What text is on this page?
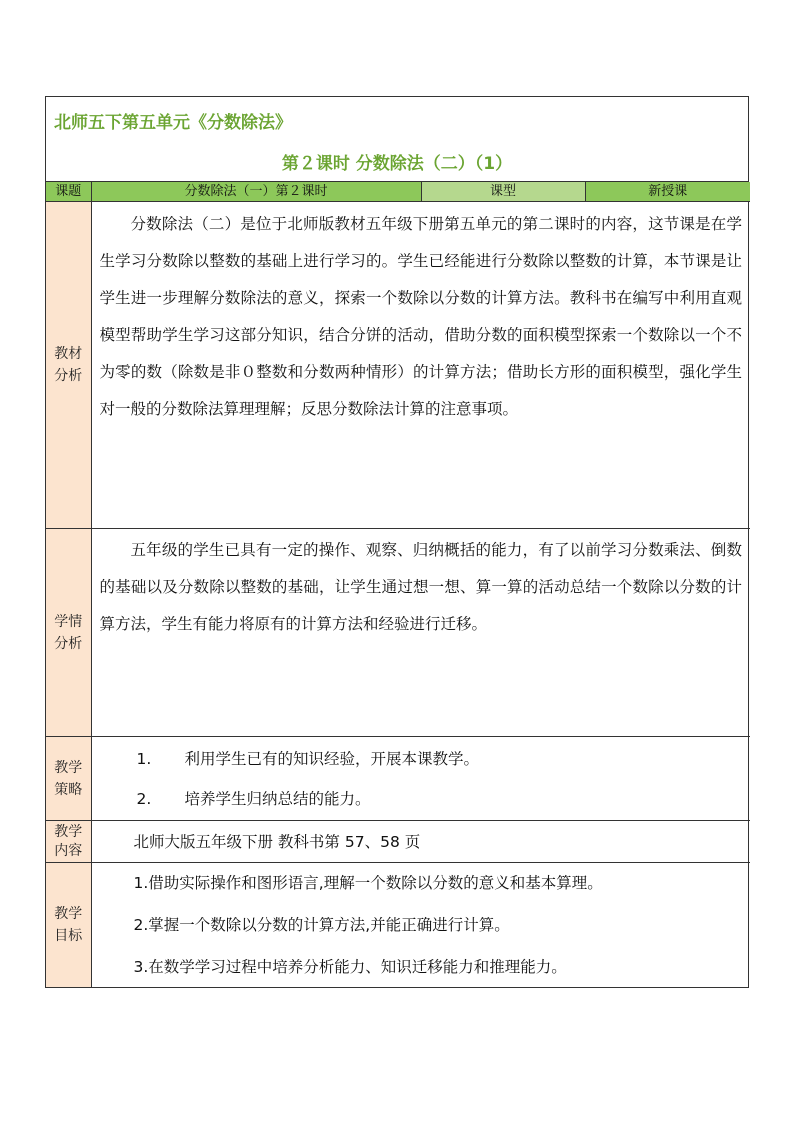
北师五下第五单元《分数除法》
第２课时 分数除法（二）（1）
课题	分数除法（一）第２课时	课型	新授课
教材分析	分数除法（二）是位于北师版教材五年级下册第五单元的第二课时的内容，这节课是在学生学习分数除以整数的基础上进行学习的。学生已经能进行分数除以整数的计算，本节课是让学生进一步理解分数除法的意义，探索一个数除以分数的计算方法。教科书在编写中利用直观模型帮助学生学习这部分知识，结合分饼的活动，借助分数的面积模型探索一个数除以一个不为零的数（除数是非０整数和分数两种情形）的计算方法；借助长方形的面积模型，强化学生对一般的分数除法算理理解；反思分数除法计算的注意事项。		

学情分析	五年级的学生已具有一定的操作、观察、归纳概括的能力，有了以前学习分数乘法、倒数的基础以及分数除以整数的基础，让学生通过想一想、算一算的活动总结一个数除以分数的计算方法，学生有能力将原有的计算方法和经验进行迁移。		

教学策略	1. 利用学生已有的知识经验，开展本课教学。
2. 培养学生归纳总结的能力。		

教学内容	北师大版五年级下册 教科书第 57、58 页		

教学目标	1.借助实际操作和图形语言,理解一个数除以分数的意义和基本算理。
2.掌握一个数除以分数的计算方法,并能正确进行计算。
3.在数学学习过程中培养分析能力、知识迁移能力和推理能力。		
